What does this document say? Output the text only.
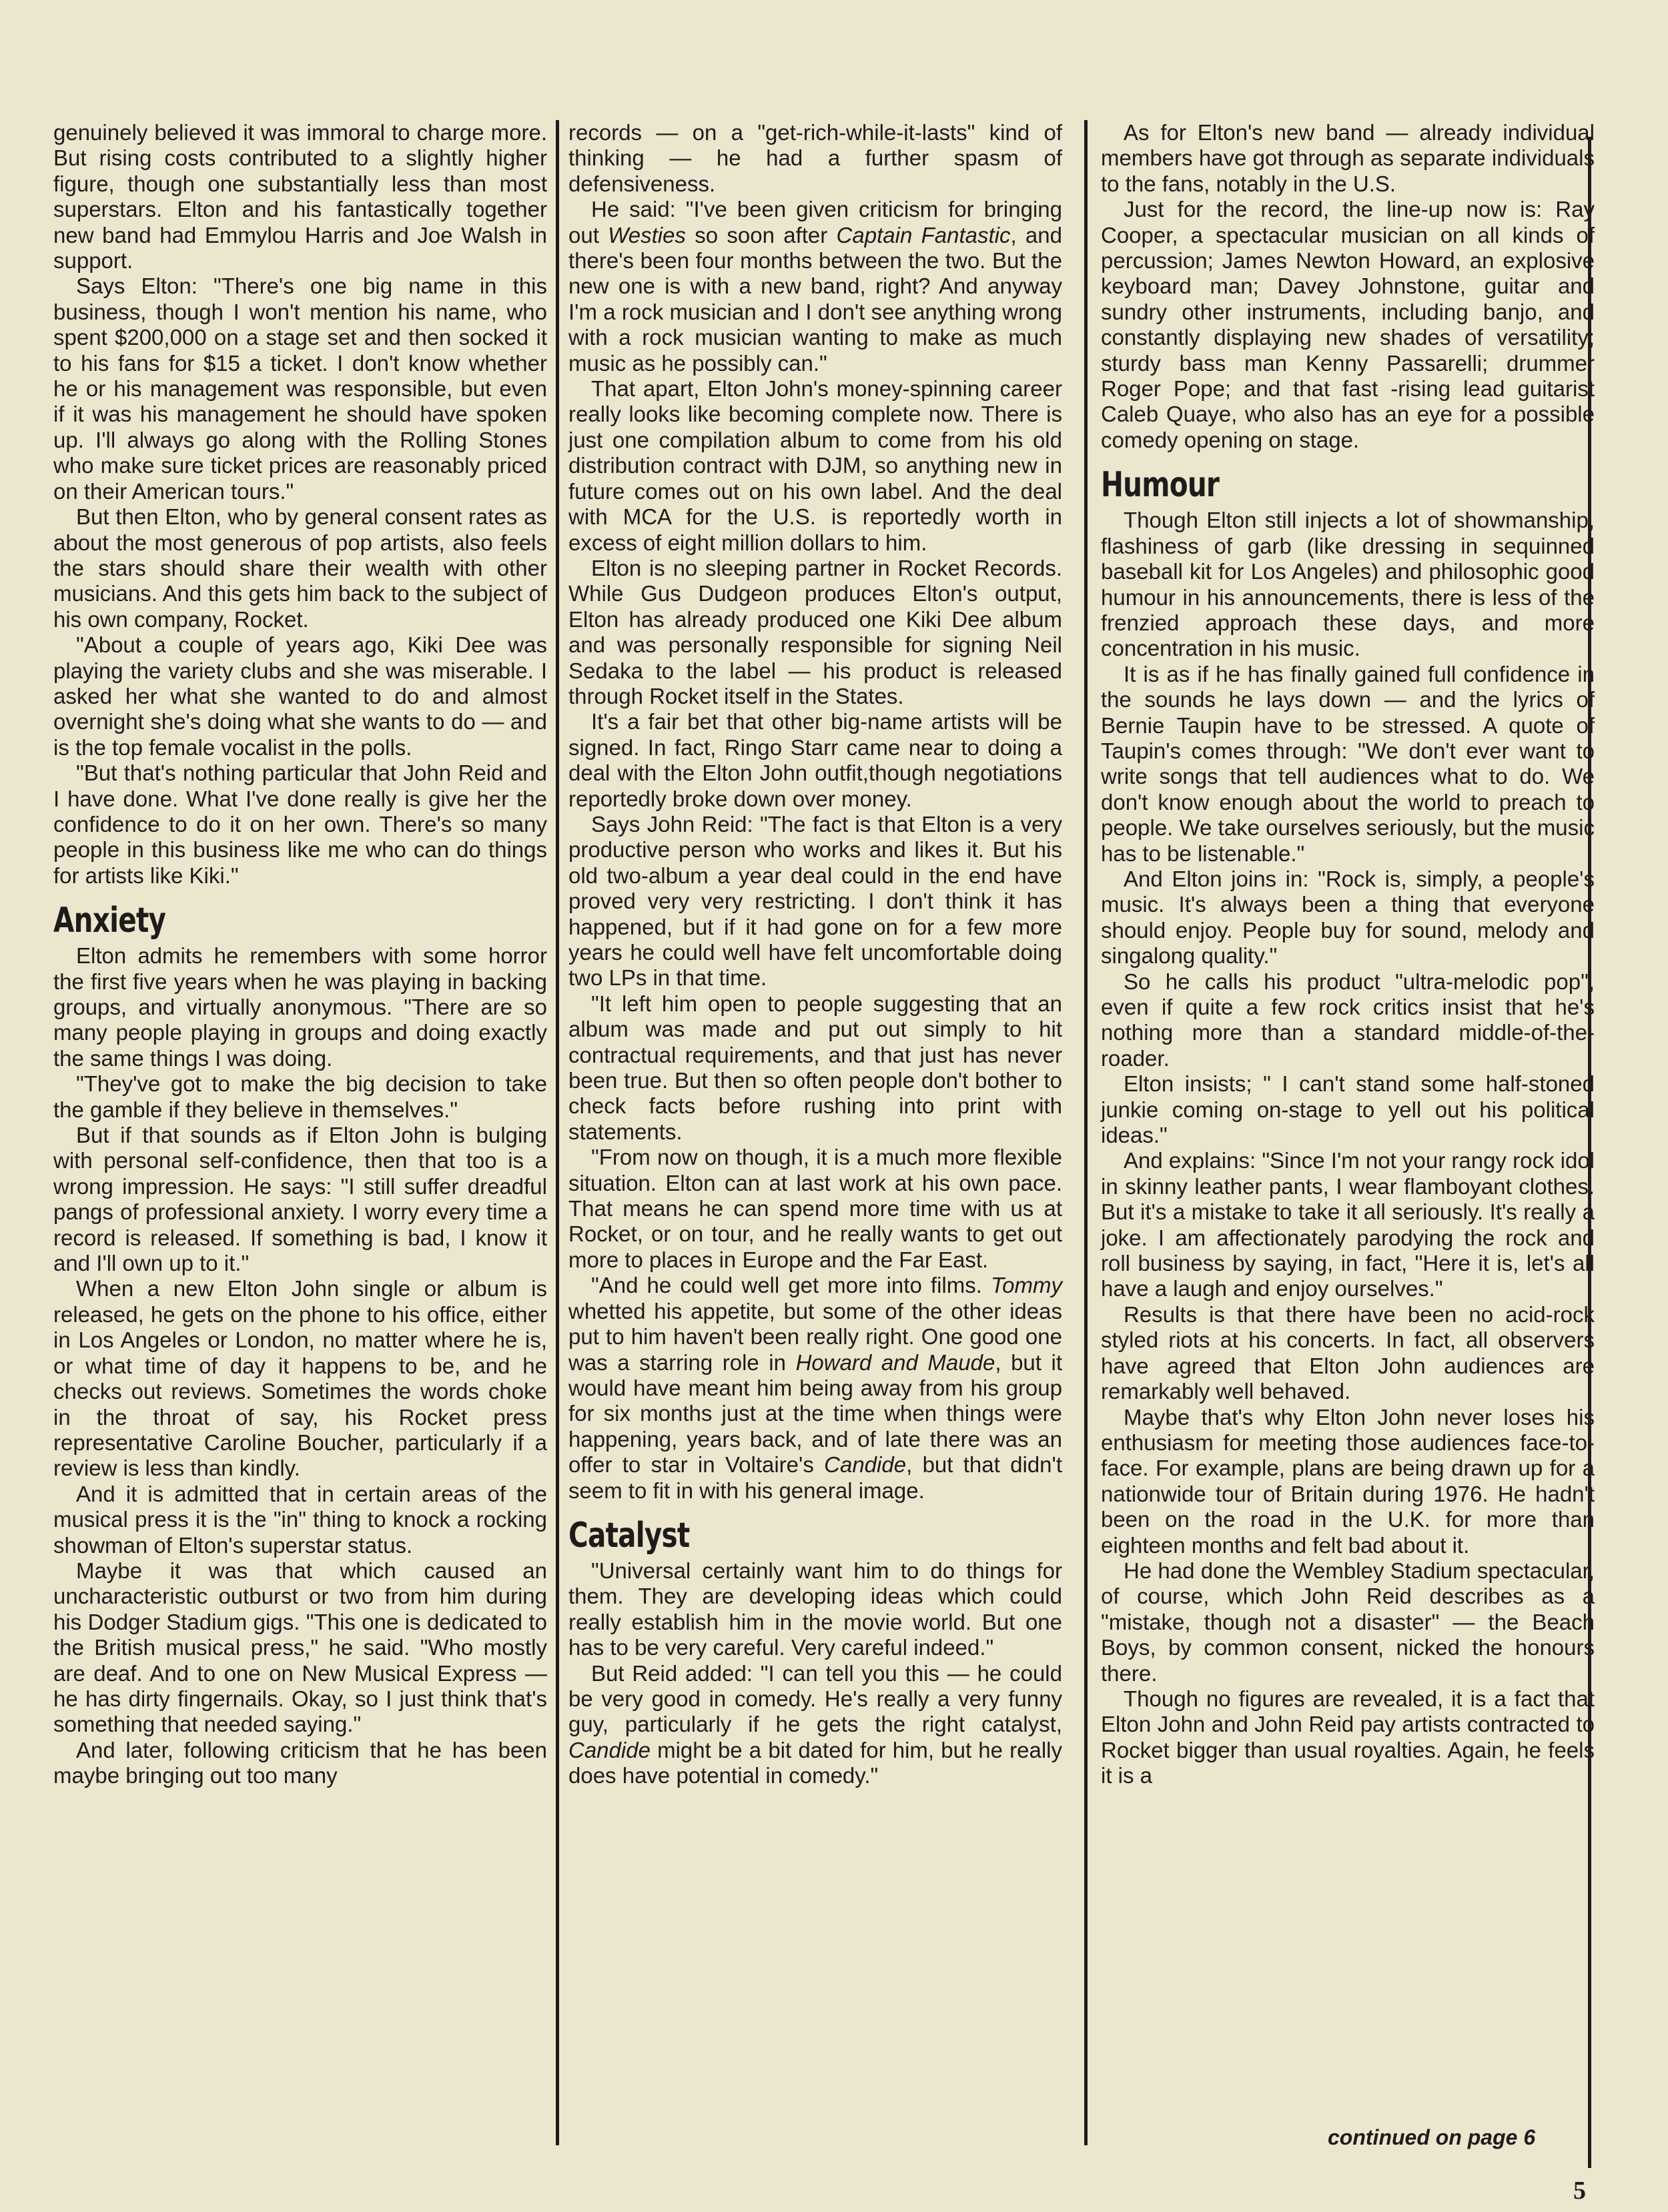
genuinely believed it was immoral to charge more. But rising costs contributed to a slightly higher figure, though one substantially less than most superstars. Elton and his fantastically together new band had Emmylou Harris and Joe Walsh in support.

Says Elton: "There's one big name in this business, though I won't mention his name, who spent $200,000 on a stage set and then socked it to his fans for $15 a ticket. I don't know whether he or his management was responsible, but even if it was his management he should have spoken up. I'll always go along with the Rolling Stones who make sure ticket prices are reasonably priced on their American tours."

But then Elton, who by general consent rates as about the most generous of pop artists, also feels the stars should share their wealth with other musicians. And this gets him back to the subject of his own company, Rocket.

"About a couple of years ago, Kiki Dee was playing the variety clubs and she was miserable. I asked her what she wanted to do and almost overnight she's doing what she wants to do — and is the top female vocalist in the polls.

"But that's nothing particular that John Reid and I have done. What I've done really is give her the confidence to do it on her own. There's so many people in this business like me who can do things for artists like Kiki."

Anxiety

Elton admits he remembers with some horror the first five years when he was playing in backing groups, and virtually anonymous. "There are so many people playing in groups and doing exactly the same things I was doing.

"They've got to make the big decision to take the gamble if they believe in themselves."

But if that sounds as if Elton John is bulging with personal self-confidence, then that too is a wrong impression. He says: "I still suffer dreadful pangs of professional anxiety. I worry every time a record is released. If something is bad, I know it and I'll own up to it."

When a new Elton John single or album is released, he gets on the phone to his office, either in Los Angeles or London, no matter where he is, or what time of day it happens to be, and he checks out reviews. Sometimes the words choke in the throat of say, his Rocket press representative Caroline Boucher, particularly if a review is less than kindly.

And it is admitted that in certain areas of the musical press it is the "in" thing to knock a rocking showman of Elton's superstar status.

Maybe it was that which caused an uncharacteristic outburst or two from him during his Dodger Stadium gigs. "This one is dedicated to the British musical press," he said. "Who mostly are deaf. And to one on New Musical Express — he has dirty fingernails. Okay, so I just think that's something that needed saying."

And later, following criticism that he has been maybe bringing out too many

records — on a "get-rich-while-it-lasts" kind of thinking — he had a further spasm of defensiveness.

He said: "I've been given criticism for bringing out Westies so soon after Captain Fantastic, and there's been four months between the two. But the new one is with a new band, right? And anyway I'm a rock musician and I don't see anything wrong with a rock musician wanting to make as much music as he possibly can."

That apart, Elton John's money-spinning career really looks like becoming complete now. There is just one compilation album to come from his old distribution contract with DJM, so anything new in future comes out on his own label. And the deal with MCA for the U.S. is reportedly worth in excess of eight million dollars to him.

Elton is no sleeping partner in Rocket Records. While Gus Dudgeon produces Elton's output, Elton has already produced one Kiki Dee album and was personally responsible for signing Neil Sedaka to the label — his product is released through Rocket itself in the States.

It's a fair bet that other big-name artists will be signed. In fact, Ringo Starr came near to doing a deal with the Elton John outfit,though negotiations reportedly broke down over money.

Says John Reid: "The fact is that Elton is a very productive person who works and likes it. But his old two-album a year deal could in the end have proved very very restricting. I don't think it has happened, but if it had gone on for a few more years he could well have felt uncomfortable doing two LPs in that time.

"It left him open to people suggesting that an album was made and put out simply to hit contractual requirements, and that just has never been true. But then so often people don't bother to check facts before rushing into print with statements.

"From now on though, it is a much more flexible situation. Elton can at last work at his own pace. That means he can spend more time with us at Rocket, or on tour, and he really wants to get out more to places in Europe and the Far East.

"And he could well get more into films. Tommy whetted his appetite, but some of the other ideas put to him haven't been really right. One good one was a starring role in Howard and Maude, but it would have meant him being away from his group for six months just at the time when things were happening, years back, and of late there was an offer to star in Voltaire's Candide, but that didn't seem to fit in with his general image.

Catalyst

"Universal certainly want him to do things for them. They are developing ideas which could really establish him in the movie world. But one has to be very careful. Very careful indeed."

But Reid added: "I can tell you this — he could be very good in comedy. He's really a very funny guy, particularly if he gets the right catalyst, Candide might be a bit dated for him, but he really does have potential in comedy."

As for Elton's new band — already individual members have got through as separate individuals to the fans, notably in the U.S.

Just for the record, the line-up now is: Ray Cooper, a spectacular musician on all kinds of percussion; James Newton Howard, an explosive keyboard man; Davey Johnstone, guitar and sundry other instruments, including banjo, and constantly displaying new shades of versatility; sturdy bass man Kenny Passarelli; drummer Roger Pope; and that fast -rising lead guitarist Caleb Quaye, who also has an eye for a possible comedy opening on stage.

Humour

Though Elton still injects a lot of showmanship, flashiness of garb (like dressing in sequinned baseball kit for Los Angeles) and philosophic good humour in his announcements, there is less of the frenzied approach these days, and more concentration in his music.

It is as if he has finally gained full confidence in the sounds he lays down — and the lyrics of Bernie Taupin have to be stressed. A quote of Taupin's comes through: "We don't ever want to write songs that tell audiences what to do. We don't know enough about the world to preach to people. We take ourselves seriously, but the music has to be listenable."

And Elton joins in: "Rock is, simply, a people's music. It's always been a thing that everyone should enjoy. People buy for sound, melody and singalong quality."

So he calls his product "ultra-melodic pop", even if quite a few rock critics insist that he's nothing more than a standard middle-of-the-roader.

Elton insists; " I can't stand some half-stoned junkie coming on-stage to yell out his political ideas."

And explains: "Since I'm not your rangy rock idol in skinny leather pants, I wear flamboyant clothes. But it's a mistake to take it all seriously. It's really a joke. I am affectionately parodying the rock and roll business by saying, in fact, "Here it is, let's all have a laugh and enjoy ourselves."

Results is that there have been no acid-rock styled riots at his concerts. In fact, all observers have agreed that Elton John audiences are remarkably well behaved.

Maybe that's why Elton John never loses his enthusiasm for meeting those audiences face-to-face. For example, plans are being drawn up for a nationwide tour of Britain during 1976. He hadn't been on the road in the U.K. for more than eighteen months and felt bad about it.

He had done the Wembley Stadium spectacular, of course, which John Reid describes as a "mistake, though not a disaster" — the Beach Boys, by common consent, nicked the honours there.

Though no figures are revealed, it is a fact that Elton John and John Reid pay artists contracted to Rocket bigger than usual royalties. Again, he feels it is a

continued on page 6
5
